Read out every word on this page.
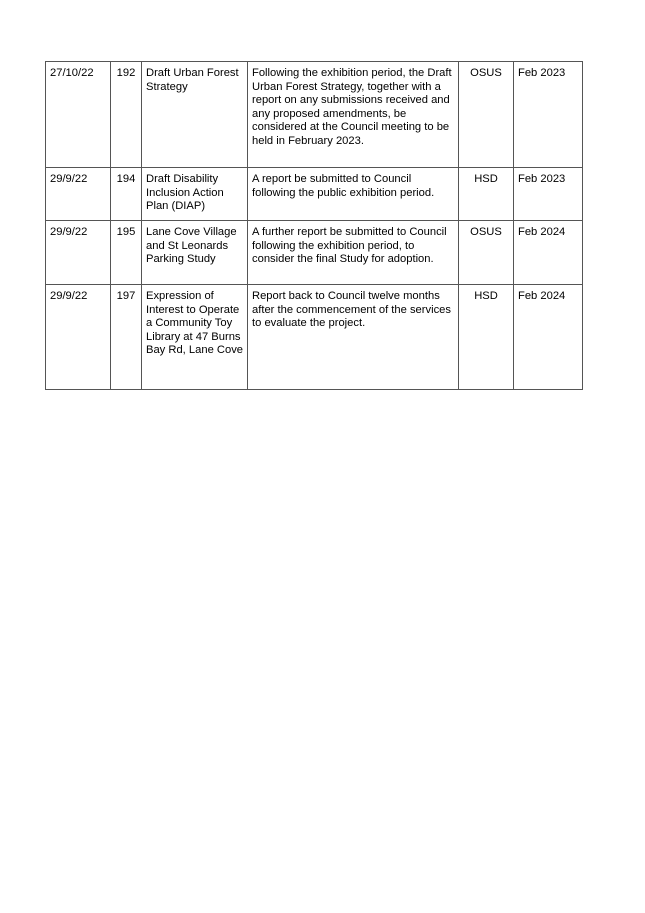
27/10/22	192	Draft Urban Forest Strategy	Following the exhibition period, the Draft Urban Forest Strategy, together with a report on any submissions received and any proposed amendments, be considered at the Council meeting to be held in February 2023.	OSUS	Feb 2023
29/9/22	194	Draft Disability Inclusion Action Plan (DIAP)	A report be submitted to Council following the public exhibition period.	HSD	Feb 2023
29/9/22	195	Lane Cove Village and St Leonards Parking Study	A further report be submitted to Council following the exhibition period, to consider the final Study for adoption.	OSUS	Feb 2024
29/9/22	197	Expression of Interest to Operate a Community Toy Library at 47 Burns Bay Rd, Lane Cove	Report back to Council twelve months after the commencement of the services to evaluate the project.	HSD	Feb 2024
